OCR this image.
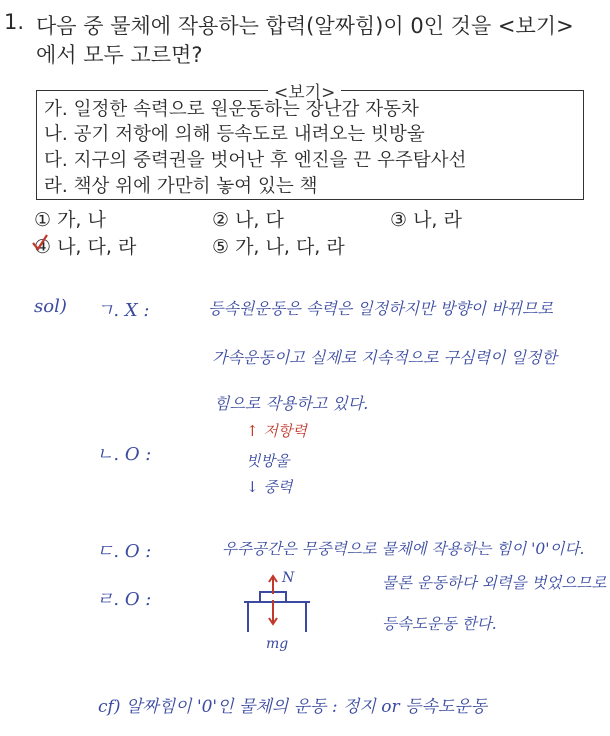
1. 다음 중 물체에 작용하는 합력(알짜힘)이 0인 것을 <보기>
에서 모두 고르면?
<보기>
가. 일정한 속력으로 원운동하는 장난감 자동차
나. 공기 저항에 의해 등속도로 내려오는 빗방울
다. 지구의 중력권을 벗어난 후 엔진을 끈 우주탐사선
라. 책상 위에 가만히 놓여 있는 책
① 가, 나	② 나, 다	③ 나, 라
④ 나, 다, 라	⑤ 가, 나, 다, 라
sol) ㄱ. X :	등속원운동은 속력은 일정하지만 방향이 바뀌므로
가속운동이고 실제로 지속적으로 구심력이 일정한
힘으로 작용하고 있다.
ㄴ. O :
↑ 저항력
빗방울
↓ 중력
ㄷ. O :	우주공간은 무중력으로 물체에 작용하는 힘이 '0'이다.
ㄹ. O :
물론 운동하다 외력을 벗었으므로
등속도운동 한다.
N
mg
cf) 알짜힘이 '0'인 물체의 운동 : 정지 or 등속도운동
